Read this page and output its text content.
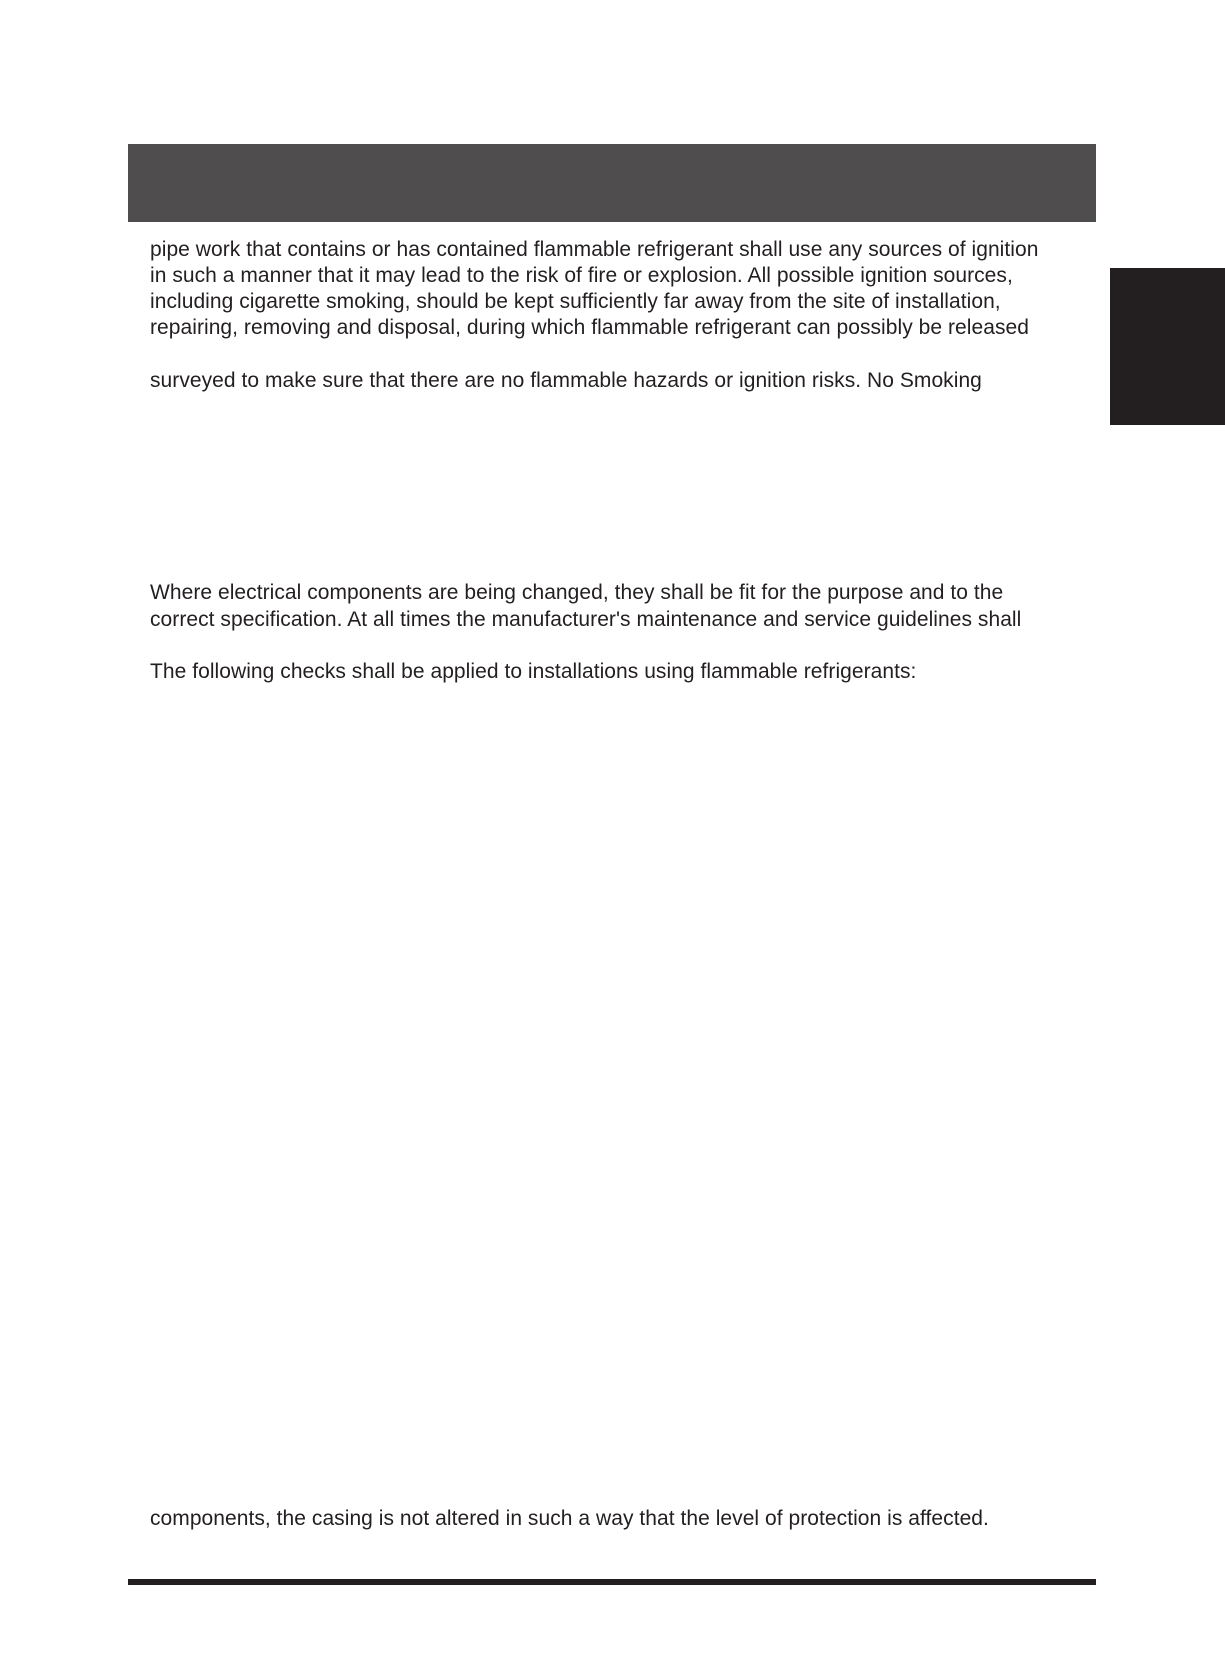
pipe work that contains or has contained flammable refrigerant shall use any sources of ignition
in such a manner that it may lead to the risk of fire or explosion. All possible ignition sources,
including cigarette smoking, should be kept sufficiently far away from the site of installation,
repairing, removing and disposal, during which flammable refrigerant can possibly be released
surveyed to make sure that there are no flammable hazards or ignition risks. No Smoking
Where electrical components are being changed, they shall be fit for the purpose and to the
correct specification. At all times the manufacturer's maintenance and service guidelines shall
The following checks shall be applied to installations using flammable refrigerants:
components, the casing is not altered in such a way that the level of protection is affected.
